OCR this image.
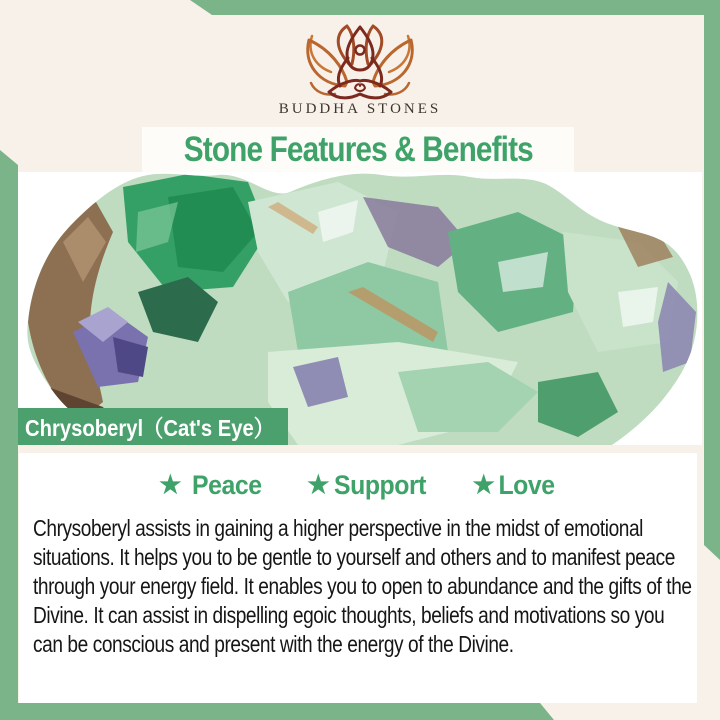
BUDDHA STONES
Stone Features & Benefits
Chrysoberyl（Cat's Eye）
★ Peace ★ Support ★ Love

Chrysoberyl assists in gaining a higher perspective in the midst of emotional situations. It helps you to be gentle to yourself and others and to manifest peace through your energy field. It enables you to open to abundance and the gifts of the Divine. It can assist in dispelling egoic thoughts, beliefs and motivations so you can be conscious and present with the energy of the Divine.
